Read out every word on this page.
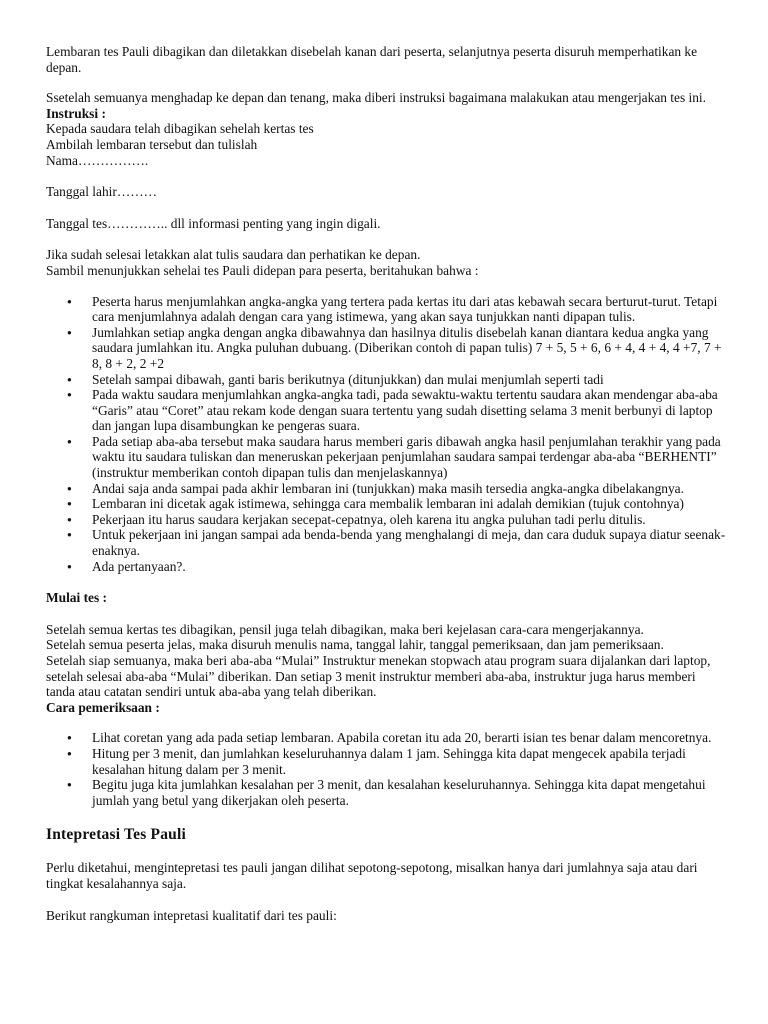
Lembaran tes Pauli dibagikan dan diletakkan disebelah kanan dari peserta, selanjutnya peserta disuruh memperhatikan ke depan.

Ssetelah semuanya menghadap ke depan dan tenang, maka diberi instruksi bagaimana malakukan atau mengerjakan tes ini.

Instruksi :

Kepada saudara telah dibagikan sehelah kertas tes

Ambilah lembaran tersebut dan tulislah

Nama…………….

Tanggal lahir………

Tanggal tes………….. dll informasi penting yang ingin digali.

Jika sudah selesai letakkan alat tulis saudara dan perhatikan ke depan.

Sambil menunjukkan sehelai tes Pauli didepan para peserta, beritahukan bahwa :

● Peserta harus menjumlahkan angka-angka yang tertera pada kertas itu dari atas kebawah secara berturut-turut. Tetapi cara menjumlahnya adalah dengan cara yang istimewa, yang akan saya tunjukkan nanti dipapan tulis.
● Jumlahkan setiap angka dengan angka dibawahnya dan hasilnya ditulis disebelah kanan diantara kedua angka yang saudara jumlahkan itu. Angka puluhan dubuang. (Diberikan contoh di papan tulis) 7 + 5, 5 + 6, 6 + 4, 4 + 4, 4 +7, 7 + 8, 8 + 2, 2 +2
● Setelah sampai dibawah, ganti baris berikutnya (ditunjukkan) dan mulai menjumlah seperti tadi
● Pada waktu saudara menjumlahkan angka-angka tadi, pada sewaktu-waktu tertentu saudara akan mendengar aba-aba “Garis” atau “Coret” atau rekam kode dengan suara tertentu yang sudah disetting selama 3 menit berbunyi di laptop dan jangan lupa disambungkan ke pengeras suara.
● Pada setiap aba-aba tersebut maka saudara harus memberi garis dibawah angka hasil penjumlahan terakhir yang pada waktu itu saudara tuliskan dan meneruskan pekerjaan penjumlahan saudara sampai terdengar aba-aba “BERHENTI”
(instruktur memberikan contoh dipapan tulis dan menjelaskannya)
● Andai saja anda sampai pada akhir lembaran ini (tunjukkan) maka masih tersedia angka-angka dibelakangnya.
● Lembaran ini dicetak agak istimewa, sehingga cara membalik lembaran ini adalah demikian (tujuk contohnya)
● Pekerjaan itu harus saudara kerjakan secepat-cepatnya, oleh karena itu angka puluhan tadi perlu ditulis.
● Untuk pekerjaan ini jangan sampai ada benda-benda yang menghalangi di meja, dan cara duduk supaya diatur seenak-enaknya.
● Ada pertanyaan?.

Mulai tes :

Setelah semua kertas tes dibagikan, pensil juga telah dibagikan, maka beri kejelasan cara-cara mengerjakannya.

Setelah semua peserta jelas, maka disuruh menulis nama, tanggal lahir, tanggal pemeriksaan, dan jam pemeriksaan.

Setelah siap semuanya, maka beri aba-aba “Mulai” Instruktur menekan stopwach atau program suara dijalankan dari laptop, setelah selesai aba-aba “Mulai” diberikan. Dan setiap 3 menit instruktur memberi aba-aba, instruktur juga harus memberi tanda atau catatan sendiri untuk aba-aba yang telah diberikan.

Cara pemeriksaan :

● Lihat coretan yang ada pada setiap lembaran. Apabila coretan itu ada 20, berarti isian tes benar dalam mencoretnya.
● Hitung per 3 menit, dan jumlahkan keseluruhannya dalam 1 jam. Sehingga kita dapat mengecek apabila terjadi kesalahan hitung dalam per 3 menit.
● Begitu juga kita jumlahkan kesalahan per 3 menit, dan kesalahan keseluruhannya. Sehingga kita dapat mengetahui jumlah yang betul yang dikerjakan oleh peserta.
Intepretasi Tes Pauli

Perlu diketahui, mengintepretasi tes pauli jangan dilihat sepotong-sepotong, misalkan hanya dari jumlahnya saja atau dari tingkat kesalahannya saja.

Berikut rangkuman intepretasi kualitatif dari tes pauli:
